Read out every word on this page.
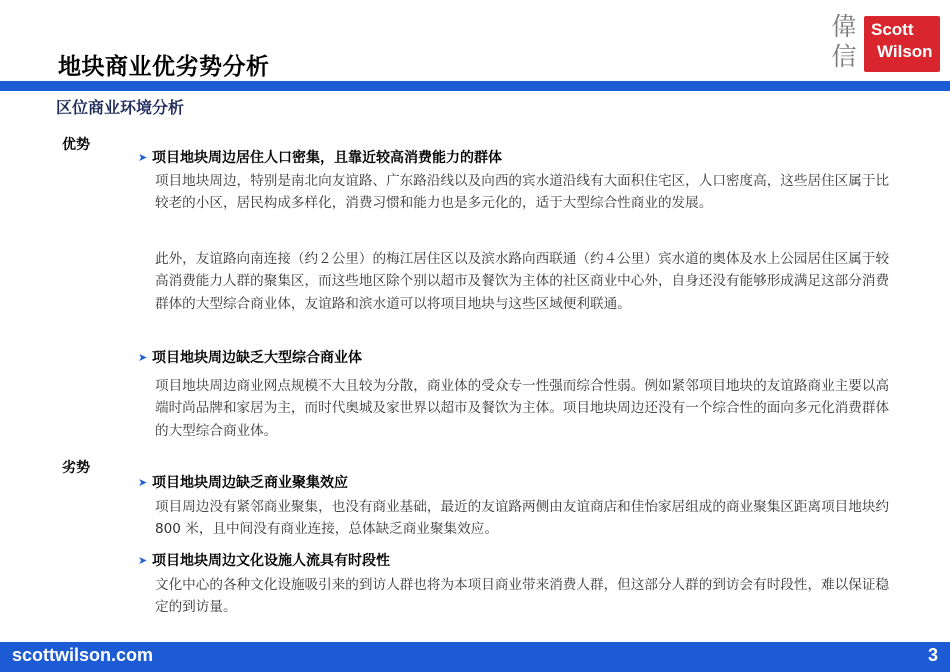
地块商业优劣势分析
偉
信
Scott
Wilson
区位商业环境分析
优势
➤ 项目地块周边居住人口密集，且靠近较高消费能力的群体

项目地块周边，特别是南北向友谊路、广东路沿线以及向西的宾水道沿线有大面积住宅区，人口密度高，这些居住区属于比较老的小区，居民构成多样化，消费习惯和能力也是多元化的，适于大型综合性商业的发展。

此外，友谊路向南连接（约２公里）的梅江居住区以及滨水路向西联通（约４公里）宾水道的奥体及水上公园居住区属于较高消费能力人群的聚集区，而这些地区除个别以超市及餐饮为主体的社区商业中心外，自身还没有能够形成满足这部分消费群体的大型综合商业体，友谊路和滨水道可以将项目地块与这些区域便利联通。

➤ 项目地块周边缺乏大型综合商业体

项目地块周边商业网点规模不大且较为分散，商业体的受众专一性强而综合性弱。例如紧邻项目地块的友谊路商业主要以高端时尚品牌和家居为主，而时代奥城及家世界以超市及餐饮为主体。项目地块周边还没有一个综合性的面向多元化消费群体的大型综合商业体。

劣势
➤ 项目地块周边缺乏商业聚集效应

项目周边没有紧邻商业聚集，也没有商业基础，最近的友谊路两侧由友谊商店和佳怡家居组成的商业聚集区距离项目地块约 800 米，且中间没有商业连接，总体缺乏商业聚集效应。

➤ 项目地块周边文化设施人流具有时段性

文化中心的各种文化设施吸引来的到访人群也将为本项目商业带来消费人群，但这部分人群的到访会有时段性，难以保证稳定的到访量。

scottwilson.com	3
